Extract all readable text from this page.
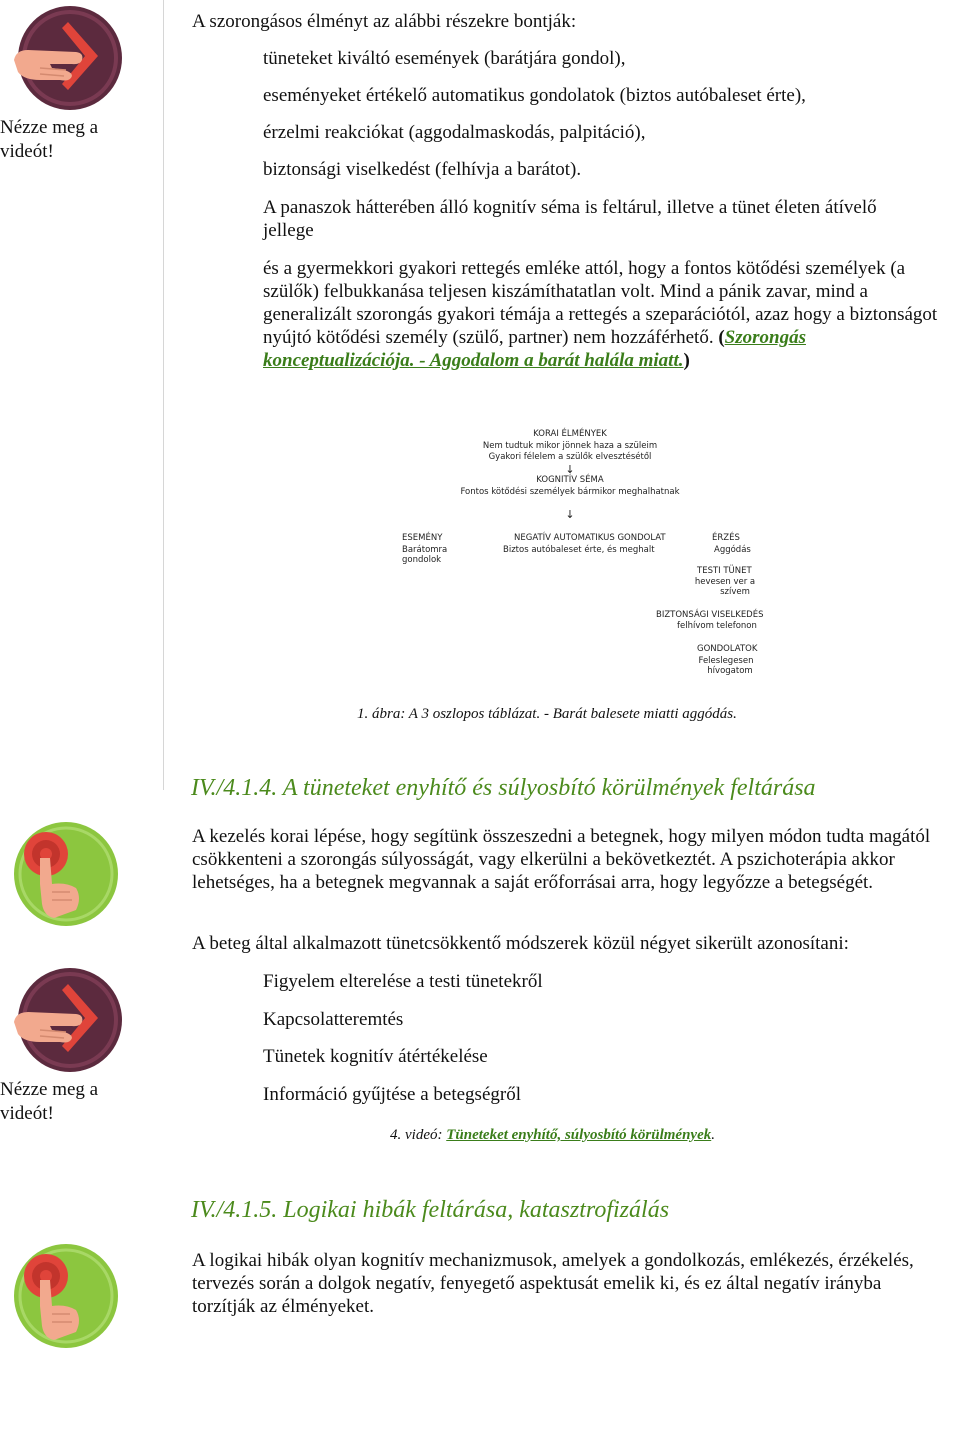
Nézze meg a videót!
A szorongásos élményt az alábbi részekre bontják:
tüneteket kiváltó események (barátjára gondol),
eseményeket értékelő automatikus gondolatok (biztos autóbaleset érte),
érzelmi reakciókat (aggodalmaskodás, palpitáció),
biztonsági viselkedést (felhívja a barátot).
A panaszok hátterében álló kognitív séma is feltárul, illetve a tünet életen átívelő jellege
és a gyermekkori gyakori rettegés emléke attól, hogy a fontos kötődési személyek (a szülők) felbukkanása teljesen kiszámíthatatlan volt. Mind a pánik zavar, mind a generalizált szorongás gyakori témája a rettegés a szeparációtól, azaz hogy a biztonságot nyújtó kötődési személy (szülő, partner) nem hozzáférhető. (Szorongás konceptualizációja. - Aggodalom a barát halála miatt.)
KORAI ÉLMÉNYEK
Nem tudtuk mikor jönnek haza a szüleim
Gyakori félelem a szülők elvesztésétől
↓
KOGNITÍV SÉMA
Fontos kötődési személyek bármikor meghalhatnak
↓
ESEMÉNY
Barátomra
gondolok
NEGATÍV AUTOMATIKUS GONDOLAT
Biztos autóbaleset érte, és meghalt
ÉRZÉS
Aggódás
TESTI TÜNET
hevesen ver a
szívem
BIZTONSÁGI VISELKEDÉS
felhívom telefonon
GONDOLATOK
Feleslegesen
hívogatom
1. ábra: A 3 oszlopos táblázat. - Barát balesete miatti aggódás.
IV./4.1.4. A tüneteket enyhítő és súlyosbító körülmények feltárása
A kezelés korai lépése, hogy segítünk összeszedni a betegnek, hogy milyen módon tudta magától csökkenteni a szorongás súlyosságát, vagy elkerülni a bekövetkeztét. A pszichoterápia akkor lehetséges, ha a betegnek megvannak a saját erőforrásai arra, hogy legyőzze a betegségét.
A beteg által alkalmazott tünetcsökkentő módszerek közül négyet sikerült azonosítani:
Nézze meg a videót!
Figyelem elterelése a testi tünetekről
Kapcsolatteremtés
Tünetek kognitív átértékelése
Információ gyűjtése a betegségről
4. videó: Tüneteket enyhítő, súlyosbító körülmények.
IV./4.1.5. Logikai hibák feltárása, katasztrofizálás
A logikai hibák olyan kognitív mechanizmusok, amelyek a gondolkozás, emlékezés, érzékelés, tervezés során a dolgok negatív, fenyegető aspektusát emelik ki, és ez által negatív irányba torzítják az élményeket.
